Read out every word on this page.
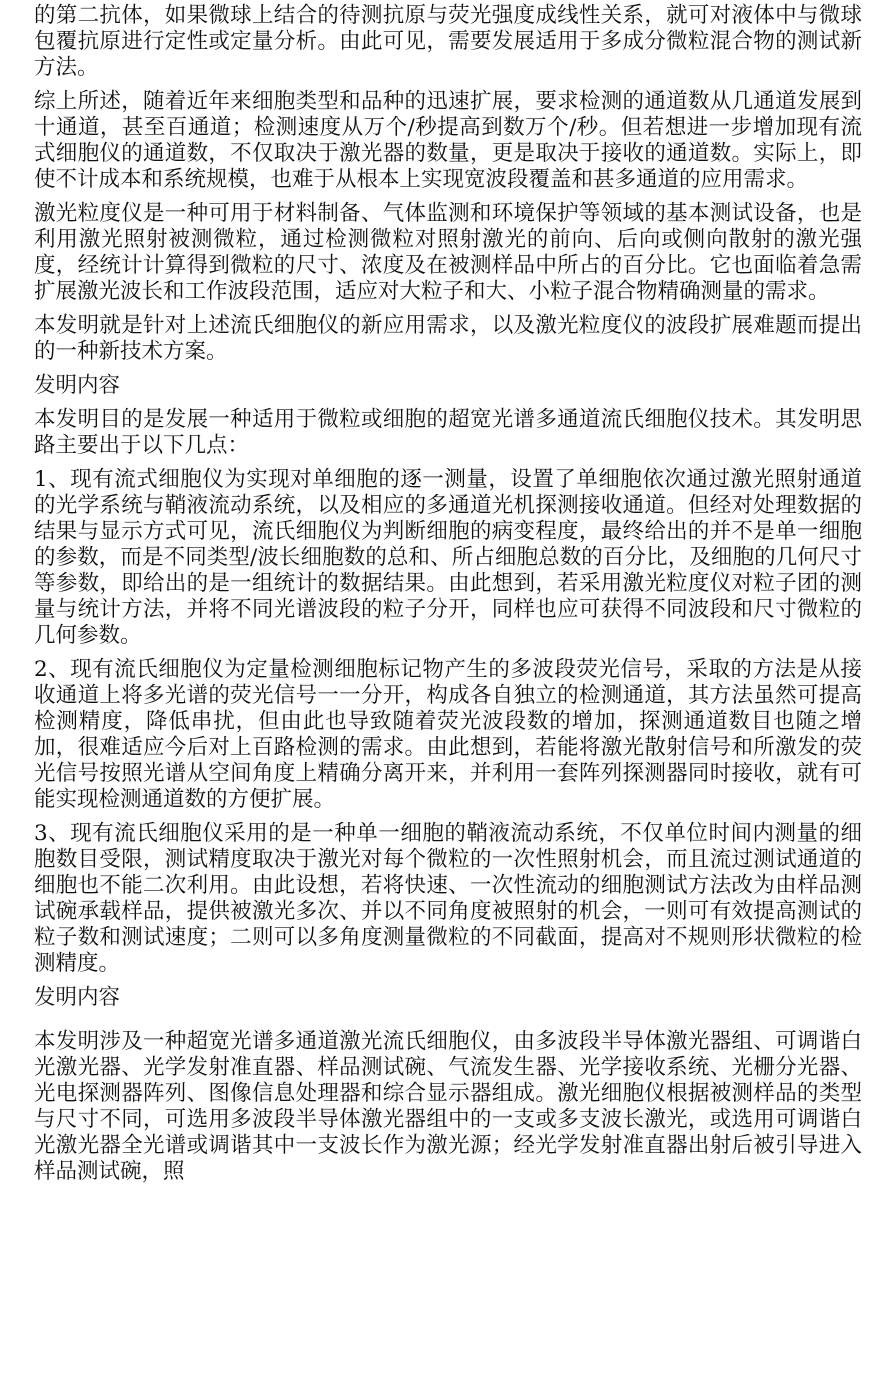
的第二抗体，如果微球上结合的待测抗原与荧光强度成线性关系，就可对液体中与微球包覆抗原进行定性或定量分析。由此可见，需要发展适用于多成分微粒混合物的测试新方法。

综上所述，随着近年来细胞类型和品种的迅速扩展，要求检测的通道数从几通道发展到十通道，甚至百通道；检测速度从万个/秒提高到数万个/秒。但若想进一步增加现有流式细胞仪的通道数，不仅取决于激光器的数量，更是取决于接收的通道数。实际上，即使不计成本和系统规模，也难于从根本上实现宽波段覆盖和甚多通道的应用需求。

激光粒度仪是一种可用于材料制备、气体监测和环境保护等领域的基本测试设备，也是利用激光照射被测微粒，通过检测微粒对照射激光的前向、后向或侧向散射的激光强度，经统计计算得到微粒的尺寸、浓度及在被测样品中所占的百分比。它也面临着急需扩展激光波长和工作波段范围，适应对大粒子和大、小粒子混合物精确测量的需求。

本发明就是针对上述流氏细胞仪的新应用需求，以及激光粒度仪的波段扩展难题而提出的一种新技术方案。

发明内容

本发明目的是发展一种适用于微粒或细胞的超宽光谱多通道流氏细胞仪技术。其发明思路主要出于以下几点：

1、现有流式细胞仪为实现对单细胞的逐一测量，设置了单细胞依次通过激光照射通道的光学系统与鞘液流动系统，以及相应的多通道光机探测接收通道。但经对处理数据的结果与显示方式可见，流氏细胞仪为判断细胞的病变程度，最终给出的并不是单一细胞的参数，而是不同类型/波长细胞数的总和、所占细胞总数的百分比，及细胞的几何尺寸等参数，即给出的是一组统计的数据结果。由此想到，若采用激光粒度仪对粒子团的测量与统计方法，并将不同光谱波段的粒子分开，同样也应可获得不同波段和尺寸微粒的几何参数。

2、现有流氏细胞仪为定量检测细胞标记物产生的多波段荧光信号，采取的方法是从接收通道上将多光谱的荧光信号一一分开，构成各自独立的检测通道，其方法虽然可提高检测精度，降低串扰，但由此也导致随着荧光波段数的增加，探测通道数目也随之增加，很难适应今后对上百路检测的需求。由此想到，若能将激光散射信号和所激发的荧光信号按照光谱从空间角度上精确分离开来，并利用一套阵列探测器同时接收，就有可能实现检测通道数的方便扩展。

3、现有流氏细胞仪采用的是一种单一细胞的鞘液流动系统，不仅单位时间内测量的细胞数目受限，测试精度取决于激光对每个微粒的一次性照射机会，而且流过测试通道的细胞也不能二次利用。由此设想，若将快速、一次性流动的细胞测试方法改为由样品测试碗承载样品，提供被激光多次、并以不同角度被照射的机会，一则可有效提高测试的粒子数和测试速度；二则可以多角度测量微粒的不同截面，提高对不规则形状微粒的检测精度。

发明内容

本发明涉及一种超宽光谱多通道激光流氏细胞仪，由多波段半导体激光器组、可调谐白光激光器、光学发射准直器、样品测试碗、气流发生器、光学接收系统、光栅分光器、光电探测器阵列、图像信息处理器和综合显示器组成。激光细胞仪根据被测样品的类型与尺寸不同，可选用多波段半导体激光器组中的一支或多支波长激光，或选用可调谐白光激光器全光谱或调谐其中一支波长作为激光源；经光学发射准直器出射后被引导进入样品测试碗，照
